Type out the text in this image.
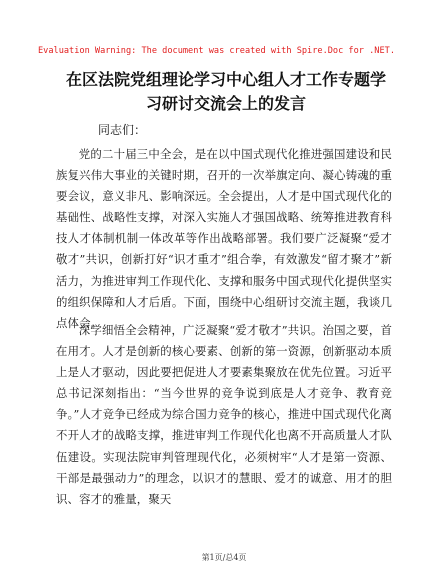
Evaluation Warning: The document was created with Spire.Doc for .NET.
在区法院党组理论学习中心组人才工作专题学
习研讨交流会上的发言
同志们：

党的二十届三中全会，是在以中国式现代化推进强国建设和民族复兴伟大事业的关键时期，召开的一次举旗定向、凝心铸魂的重要会议，意义非凡、影响深远。全会提出，人才是中国式现代化的基础性、战略性支撑，对深入实施人才强国战略、统筹推进教育科技人才体制机制一体改革等作出战略部署。我们要广泛凝聚“爱才敬才”共识，创新打好“识才重才”组合拳，有效激发“留才聚才”新活力，为推进审判工作现代化、支撑和服务中国式现代化提供坚实的组织保障和人才后盾。下面，围绕中心组研讨交流主题，我谈几点体会。

深学细悟全会精神，广泛凝聚“爱才敬才”共识。治国之要，首在用才。人才是创新的核心要素、创新的第一资源，创新驱动本质上是人才驱动，因此要把促进人才要素集聚放在优先位置。习近平总书记深刻指出：“当今世界的竞争说到底是人才竞争、教育竞争。”人才竞争已经成为综合国力竞争的核心，推进中国式现代化离不开人才的战略支撑，推进审判工作现代化也离不开高质量人才队伍建设。实现法院审判管理现代化，必须树牢“人才是第一资源、干部是最强动力”的理念，以识才的慧眼、爱才的诚意、用才的胆识、容才的雅量，聚天

第1页/总4页
